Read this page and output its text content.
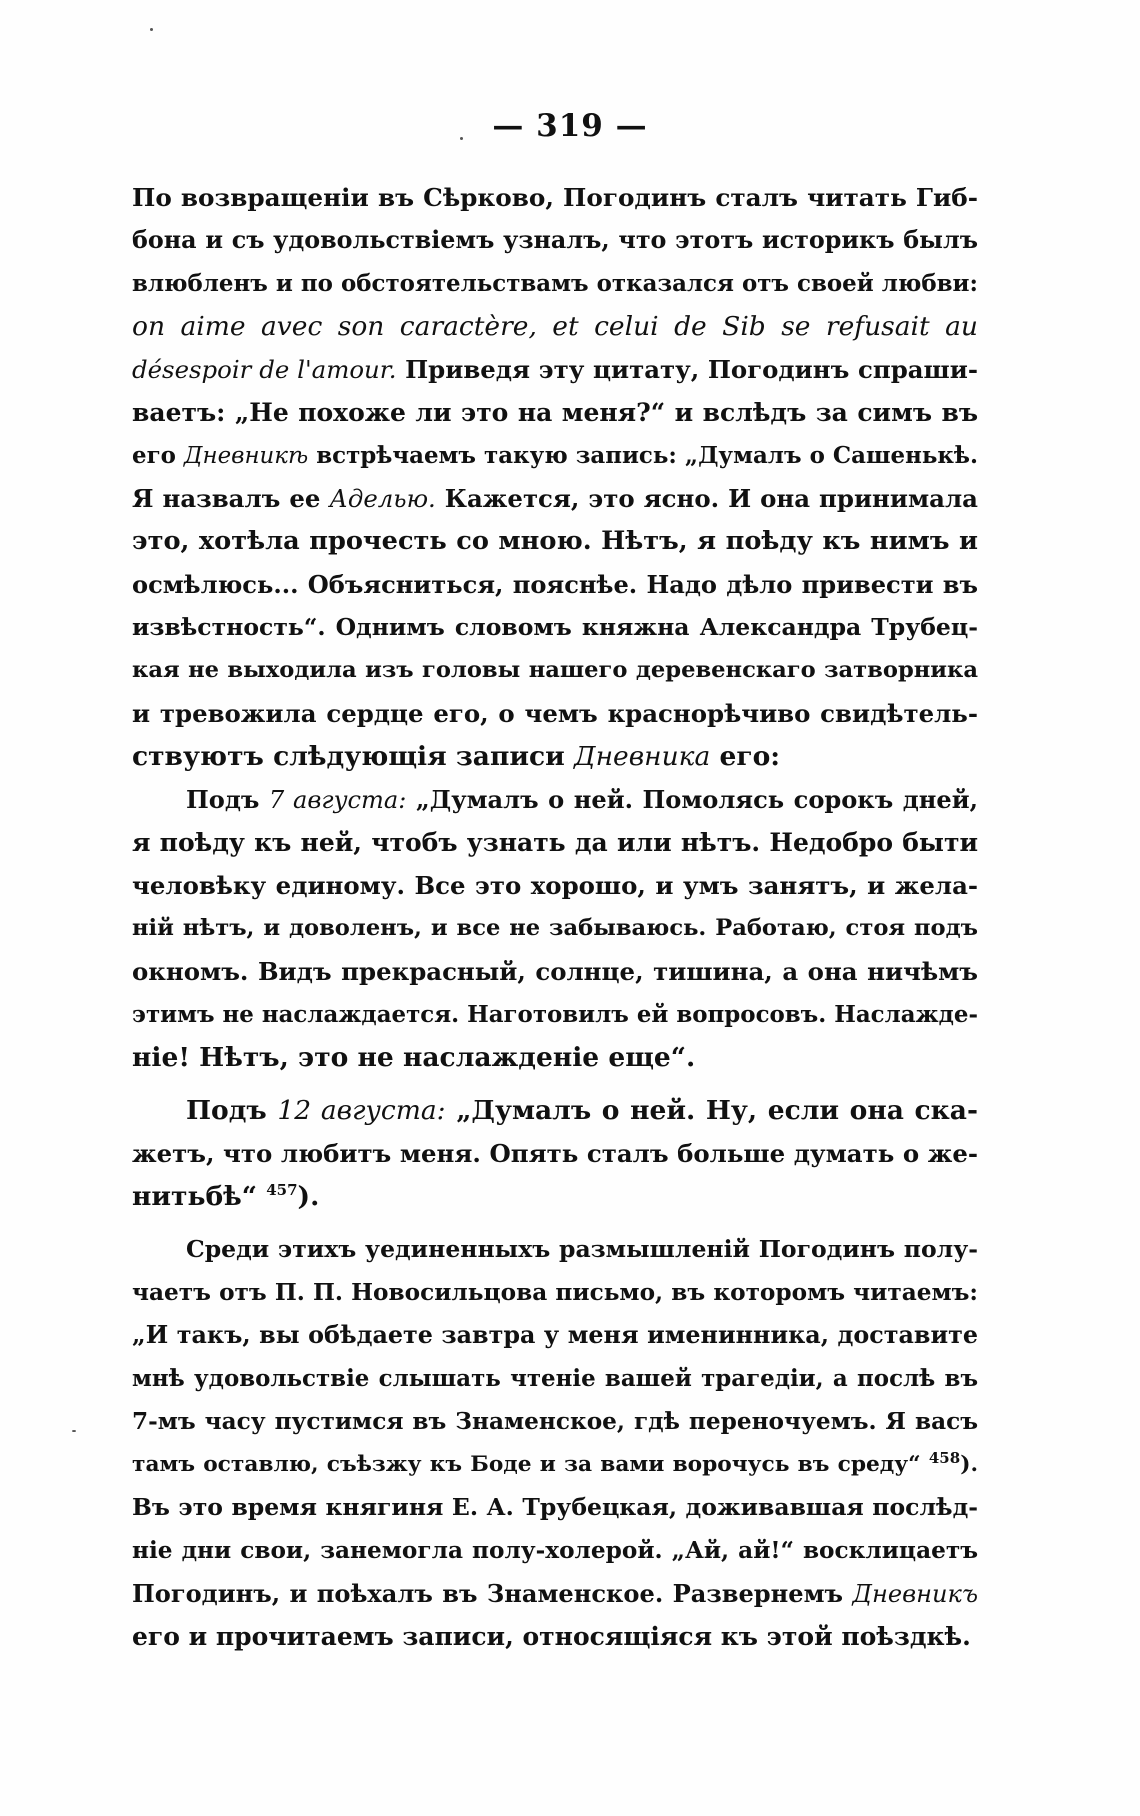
— 319 —
По возвращеніи въ Сѣрково, Погодинъ сталъ читать Гиб-
бона и съ удовольствіемъ узналъ, что этотъ историкъ былъ
влюбленъ и по обстоятельствамъ отказался отъ своей любви:
on aime avec son caractère, et celui de Sib se refusait au
désespoir de l'amour. Приведя эту цитату, Погодинъ спраши-
ваетъ: „Не похоже ли это на меня?“ и вслѣдъ за симъ въ
его Дневникѣ встрѣчаемъ такую запись: „Думалъ о Сашенькѣ.
Я назвалъ ее Аделью. Кажется, это ясно. И она принимала
это, хотѣла прочесть со мною. Нѣтъ, я поѣду къ нимъ и
осмѣлюсь... Объясниться, пояснѣе. Надо дѣло привести въ
извѣстность“. Однимъ словомъ княжна Александра Трубец-
кая не выходила изъ головы нашего деревенскаго затворника
и тревожила сердце его, о чемъ краснорѣчиво свидѣтель-
ствуютъ слѣдующія записи Дневника его:
Подъ 7 августа: „Думалъ о ней. Помолясь сорокъ дней,
я поѣду къ ней, чтобъ узнать да или нѣтъ. Недобро быти
человѣку единому. Все это хорошо, и умъ занятъ, и жела-
ній нѣтъ, и доволенъ, и все не забываюсь. Работаю, стоя подъ
окномъ. Видъ прекрасный, солнце, тишина, а она ничѣмъ
этимъ не наслаждается. Наготовилъ ей вопросовъ. Наслажде-
ніе! Нѣтъ, это не наслажденіе еще“.
Подъ 12 августа: „Думалъ о ней. Ну, если она ска-
жетъ, что любитъ меня. Опять сталъ больше думать о же-
нитьбѣ“ $^{457}$).
Среди этихъ уединенныхъ размышленій Погодинъ полу-
чаетъ отъ П. П. Новосильцова письмо, въ которомъ читаемъ:
„И такъ, вы обѣдаете завтра у меня именинника, доставите
мнѣ удовольствіе слышать чтеніе вашей трагедіи, а послѣ въ
7-мъ часу пустимся въ Знаменское, гдѣ переночуемъ. Я васъ
тамъ оставлю, съѣзжу къ Боде и за вами ворочусь въ среду“ $^{458}$).
Въ это время княгиня Е. А. Трубецкая, доживавшая послѣд-
ніе дни свои, занемогла полу-холерой. „Ай, ай!“ восклицаетъ
Погодинъ, и поѣхалъ въ Знаменское. Развернемъ Дневникъ
его и прочитаемъ записи, относящіяся къ этой поѣздкѣ.
